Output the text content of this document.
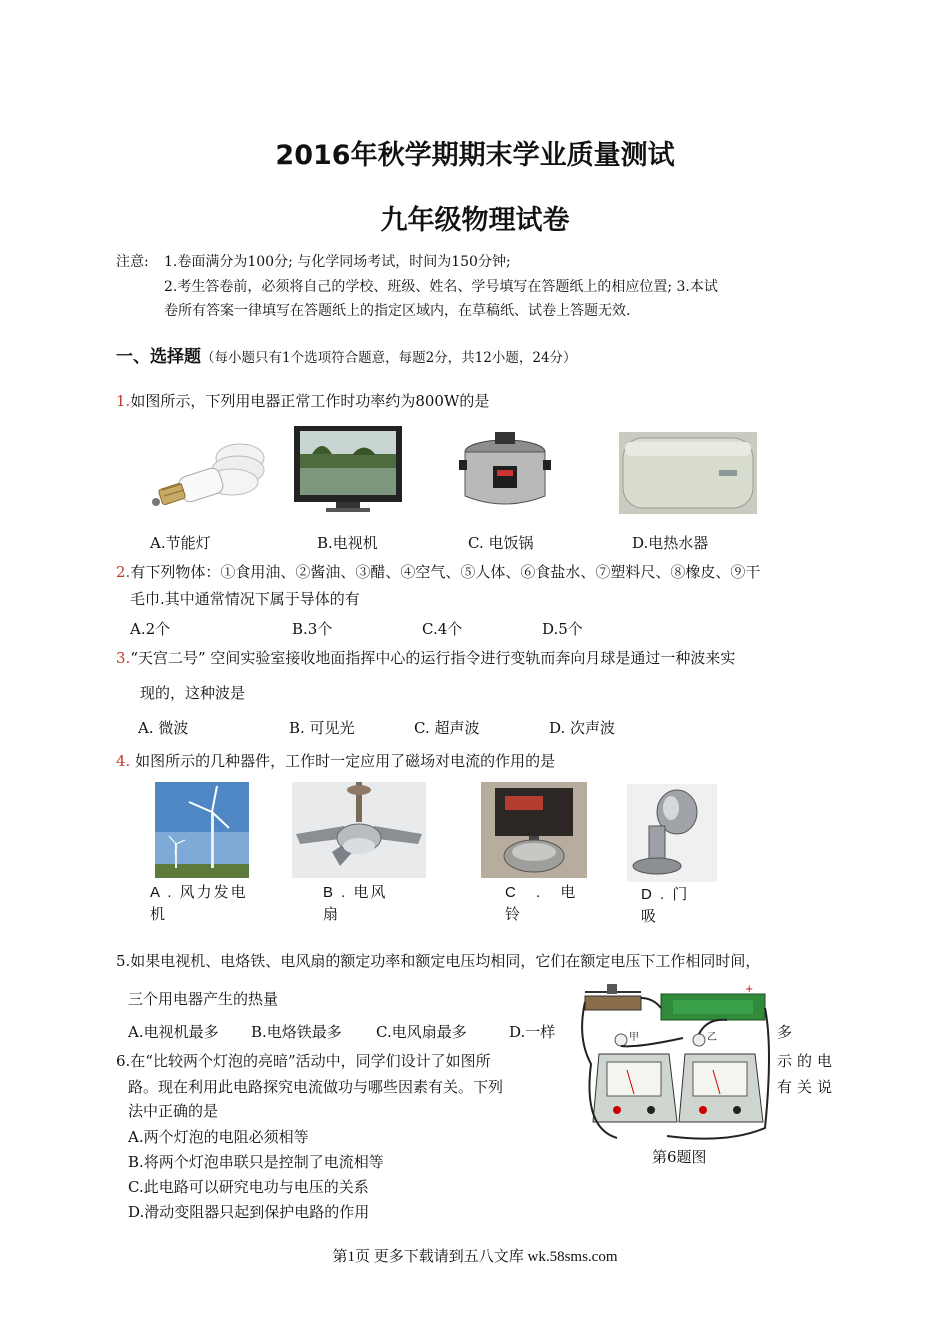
2016年秋学期期末学业质量测试
九年级物理试卷
注意: 1.卷面满分为100分; 与化学同场考试，时间为150分钟;
2.考生答卷前，必须将自己的学校、班级、姓名、学号填写在答题纸上的相应位置; 3.本试
卷所有答案一律填写在答题纸上的指定区域内，在草稿纸、试卷上答题无效.
一、选择题（每小题只有1个选项符合题意，每题2分，共12小题，24分）
1.如图所示，下列用电器正常工作时功率约为800W的是
A.节能灯	B.电视机	C. 电饭锅	D.电热水器
2.有下列物体：①食用油、②酱油、③醋、④空气、⑤人体、⑥食盐水、⑦塑料尺、⑧橡皮、⑨干
毛巾.其中通常情况下属于导体的有
A.2个	B.3个	C.4个	D.5个
3.“天宫二号” 空间实验室接收地面指挥中心的运行指令进行变轨而奔向月球是通过一种波来实
现的，这种波是
A. 微波	B. 可见光	C. 超声波	D. 次声波
4. 如图所示的几种器件，工作时一定应用了磁场对电流的作用的是
A . 风力发电
机
B . 电风
扇
C . 电
铃
D . 门
吸
5.如果电视机、电烙铁、电风扇的额定功率和额定电压均相同，它们在额定电压下工作相同时间，
三个用电器产生的热量
A.电视机最多 B.电烙铁最多 C.电风扇最多	D.一样	多
6.在“比较两个灯泡的亮暗”活动中，同学们设计了如图所	示的电
路。现在利用此电路探究电流做功与哪些因素有关。下列	有关说
法中正确的是
A.两个灯泡的电阻必须相等
B.将两个灯泡串联只是控制了电流相等
C.此电路可以研究电功与电压的关系
D.滑动变阻器只起到保护电路的作用
+
甲	乙
第6题图
第1页 更多下载请到五八文库 wk.58sms.com
